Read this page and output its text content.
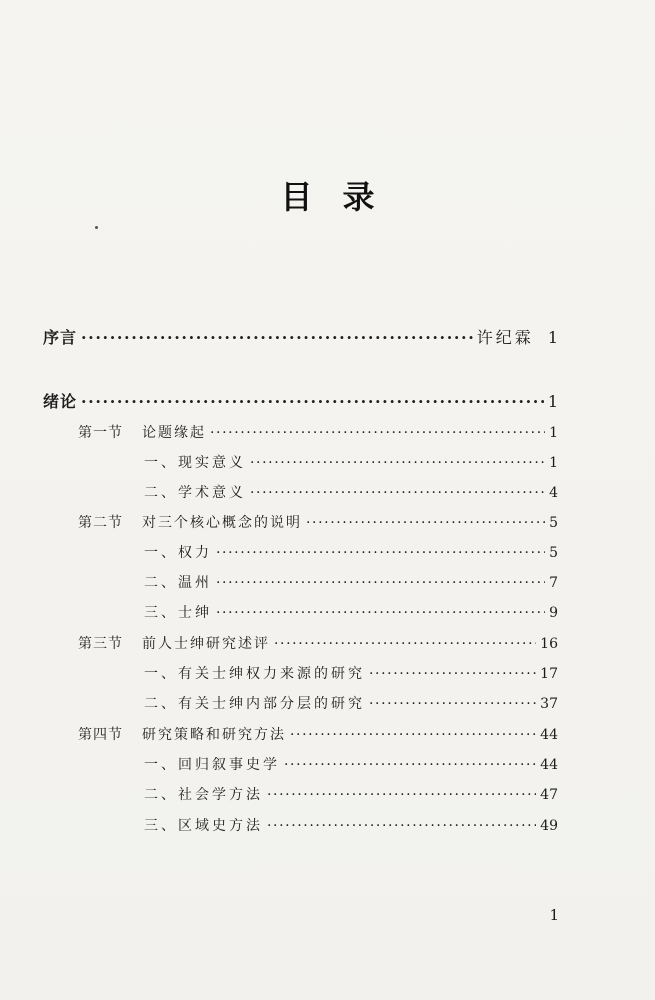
目录
序言 ·····	许纪霖 1
绪论 ·····	1
第一节 论题缘起 ·····	1
一、现实意义 ·····	1
二、学术意义 ·····	4
第二节 对三个核心概念的说明 ·····	5
一、权力 ·····	5
二、温州 ·····	7
三、士绅 ·····	9
第三节 前人士绅研究述评 ·····	16
一、有关士绅权力来源的研究 ·····	17
二、有关士绅内部分层的研究 ·····	37
第四节 研究策略和研究方法 ·····	44
一、回归叙事史学 ·····	44
二、社会学方法 ·····	47
三、区域史方法 ·····	49
1
